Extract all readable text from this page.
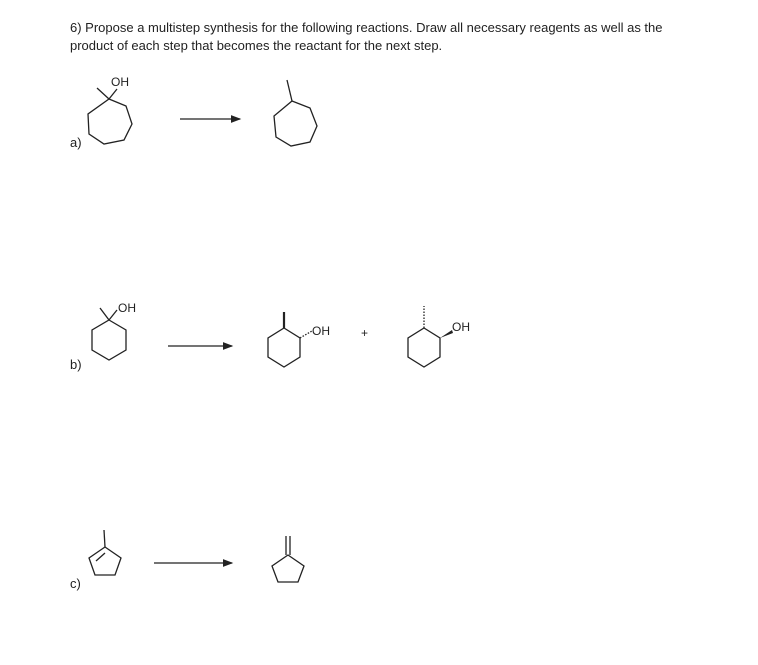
6) Propose a multistep synthesis for the following reactions. Draw all necessary reagents as well as the
product of each step that becomes the reactant for the next step.
a)
b)
c)
OH
OH
OH	+	OH
